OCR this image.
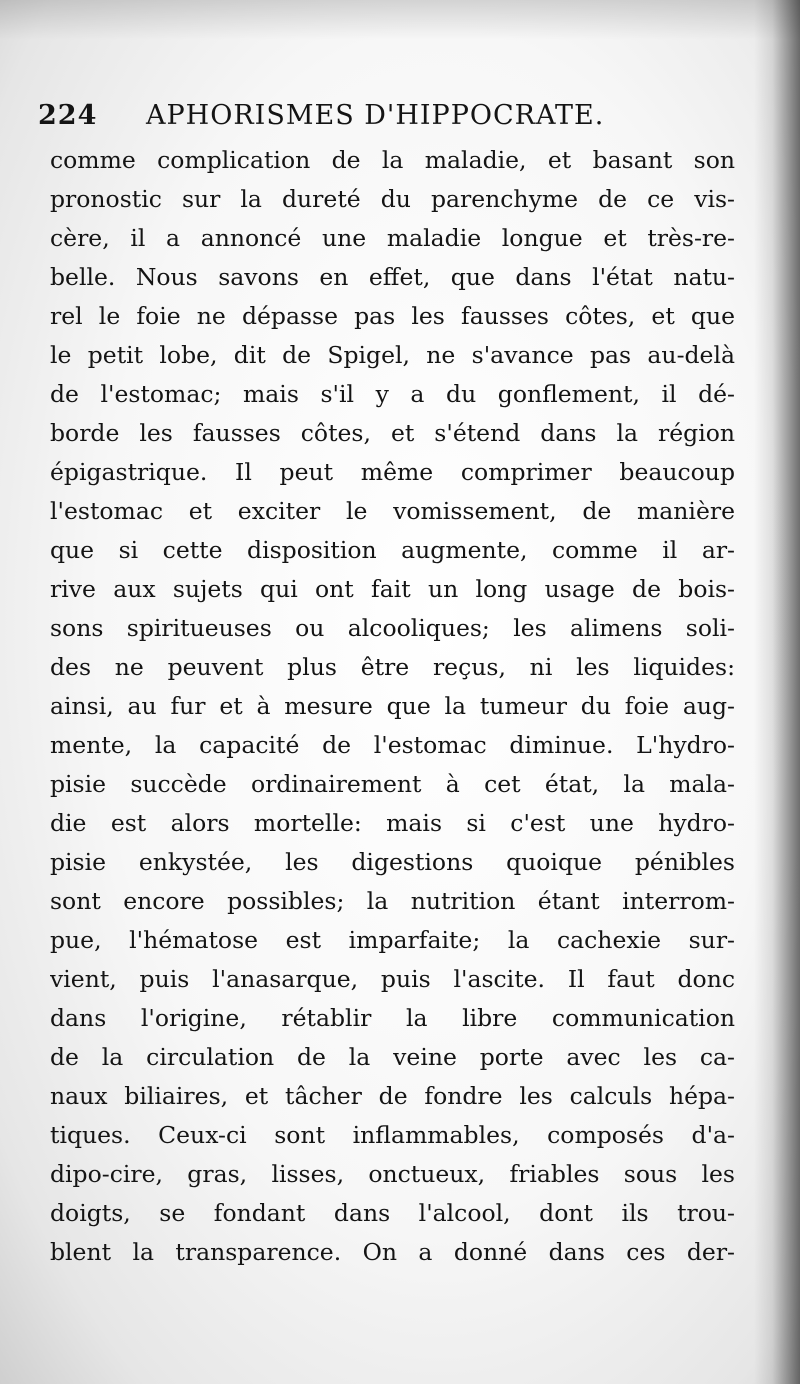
224 APHORISMES D'HIPPOCRATE.
comme complication de la maladie, et basant son
pronostic sur la dureté du parenchyme de ce vis-
cère, il a annoncé une maladie longue et très-re-
belle. Nous savons en effet, que dans l'état natu-
rel le foie ne dépasse pas les fausses côtes, et que
le petit lobe, dit de Spigel, ne s'avance pas au-delà
de l'estomac; mais s'il y a du gonflement, il dé-
borde les fausses côtes, et s'étend dans la région
épigastrique. Il peut même comprimer beaucoup
l'estomac et exciter le vomissement, de manière
que si cette disposition augmente, comme il ar-
rive aux sujets qui ont fait un long usage de bois-
sons spiritueuses ou alcooliques; les alimens soli-
des ne peuvent plus être reçus, ni les liquides:
ainsi, au fur et à mesure que la tumeur du foie aug-
mente, la capacité de l'estomac diminue. L'hydro-
pisie succède ordinairement à cet état, la mala-
die est alors mortelle: mais si c'est une hydro-
pisie enkystée, les digestions quoique pénibles
sont encore possibles; la nutrition étant interrom-
pue, l'hématose est imparfaite; la cachexie sur-
vient, puis l'anasarque, puis l'ascite. Il faut donc
dans l'origine, rétablir la libre communication
de la circulation de la veine porte avec les ca-
naux biliaires, et tâcher de fondre les calculs hépa-
tiques. Ceux-ci sont inflammables, composés d'a-
dipo-cire, gras, lisses, onctueux, friables sous les
doigts, se fondant dans l'alcool, dont ils trou-
blent la transparence. On a donné dans ces der-
